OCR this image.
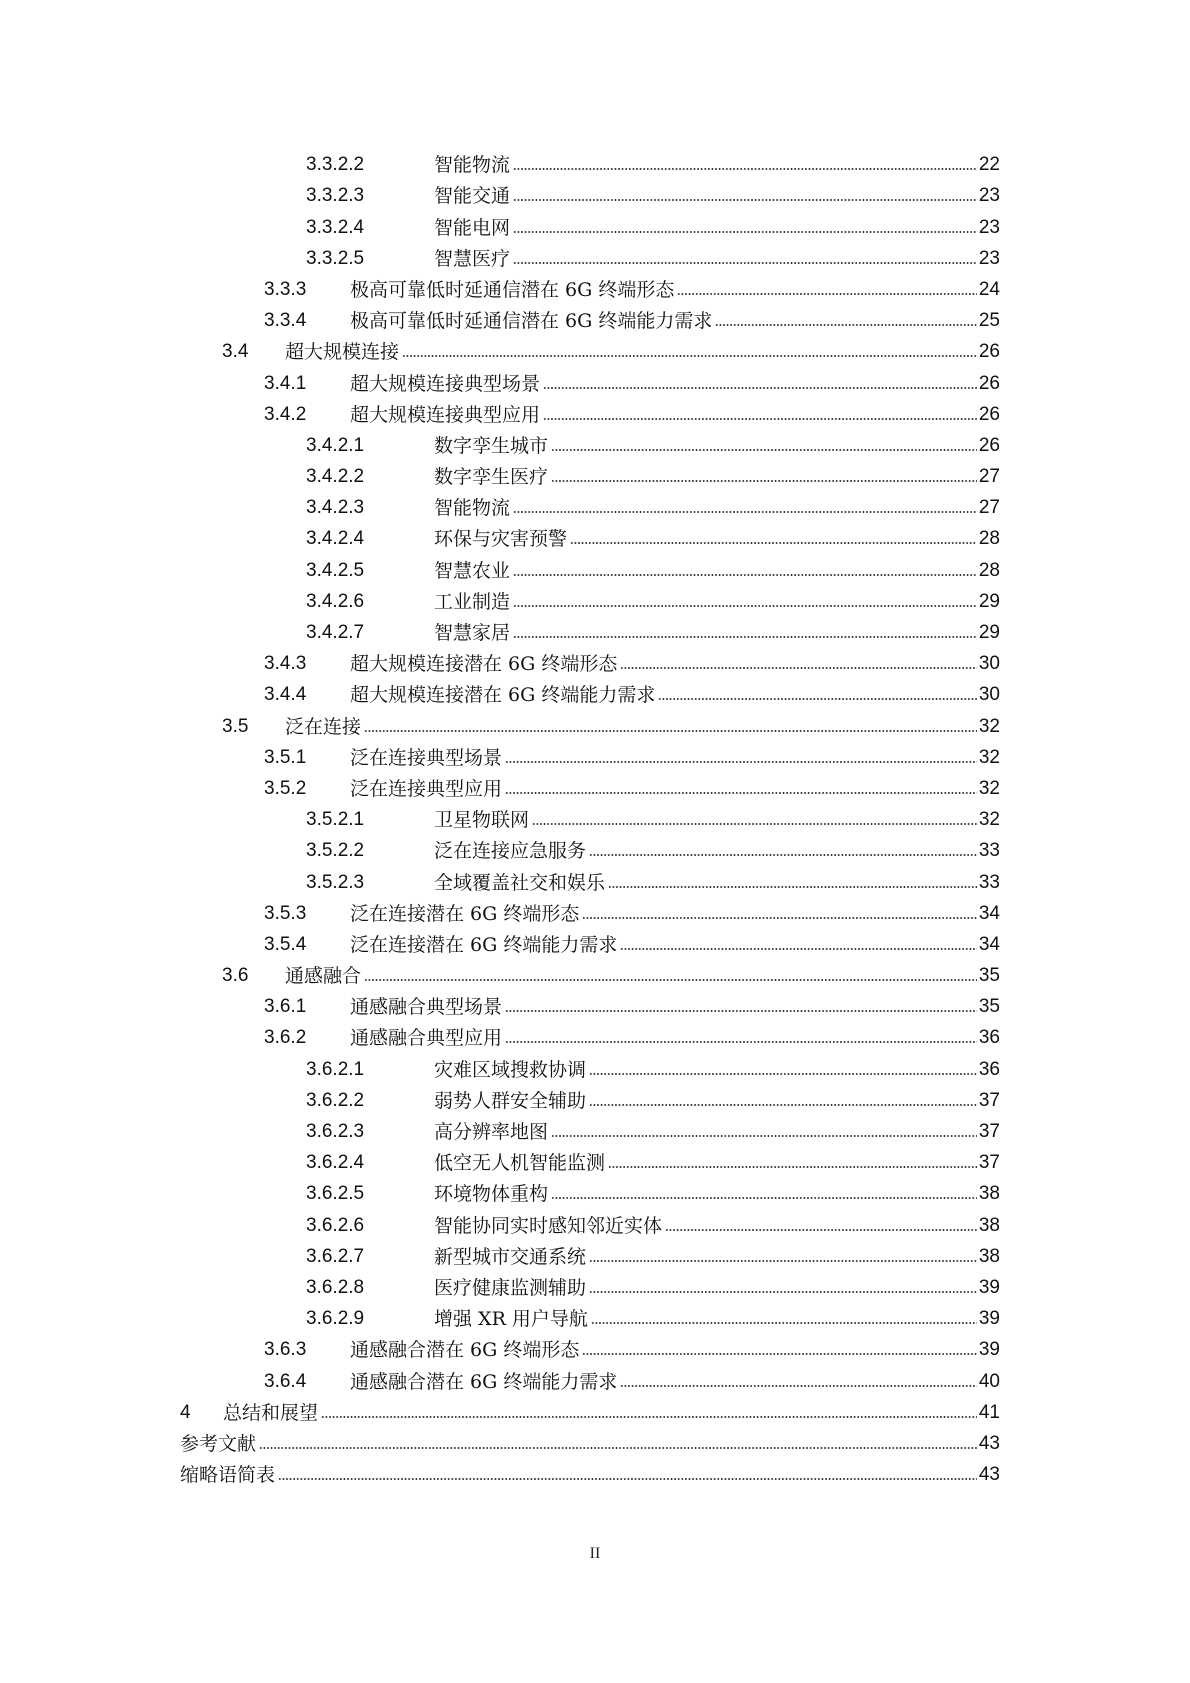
3.3.2.2	智能物流	22
3.3.2.3	智能交通	23
3.3.2.4	智能电网	23
3.3.2.5	智慧医疗	23
3.3.3	极高可靠低时延通信潜在 6G 终端形态	24
3.3.4	极高可靠低时延通信潜在 6G 终端能力需求	25
3.4	超大规模连接	26
3.4.1	超大规模连接典型场景	26
3.4.2	超大规模连接典型应用	26
3.4.2.1	数字孪生城市	26
3.4.2.2	数字孪生医疗	27
3.4.2.3	智能物流	27
3.4.2.4	环保与灾害预警	28
3.4.2.5	智慧农业	28
3.4.2.6	工业制造	29
3.4.2.7	智慧家居	29
3.4.3	超大规模连接潜在 6G 终端形态	30
3.4.4	超大规模连接潜在 6G 终端能力需求	30
3.5	泛在连接	32
3.5.1	泛在连接典型场景	32
3.5.2	泛在连接典型应用	32
3.5.2.1	卫星物联网	32
3.5.2.2	泛在连接应急服务	33
3.5.2.3	全域覆盖社交和娱乐	33
3.5.3	泛在连接潜在 6G 终端形态	34
3.5.4	泛在连接潜在 6G 终端能力需求	34
3.6	通感融合	35
3.6.1	通感融合典型场景	35
3.6.2	通感融合典型应用	36
3.6.2.1	灾难区域搜救协调	36
3.6.2.2	弱势人群安全辅助	37
3.6.2.3	高分辨率地图	37
3.6.2.4	低空无人机智能监测	37
3.6.2.5	环境物体重构	38
3.6.2.6	智能协同实时感知邻近实体	38
3.6.2.7	新型城市交通系统	38
3.6.2.8	医疗健康监测辅助	39
3.6.2.9	增强 XR 用户导航	39
3.6.3	通感融合潜在 6G 终端形态	39
3.6.4	通感融合潜在 6G 终端能力需求	40
4	总结和展望	41
参考文献	43
缩略语简表	43
II
